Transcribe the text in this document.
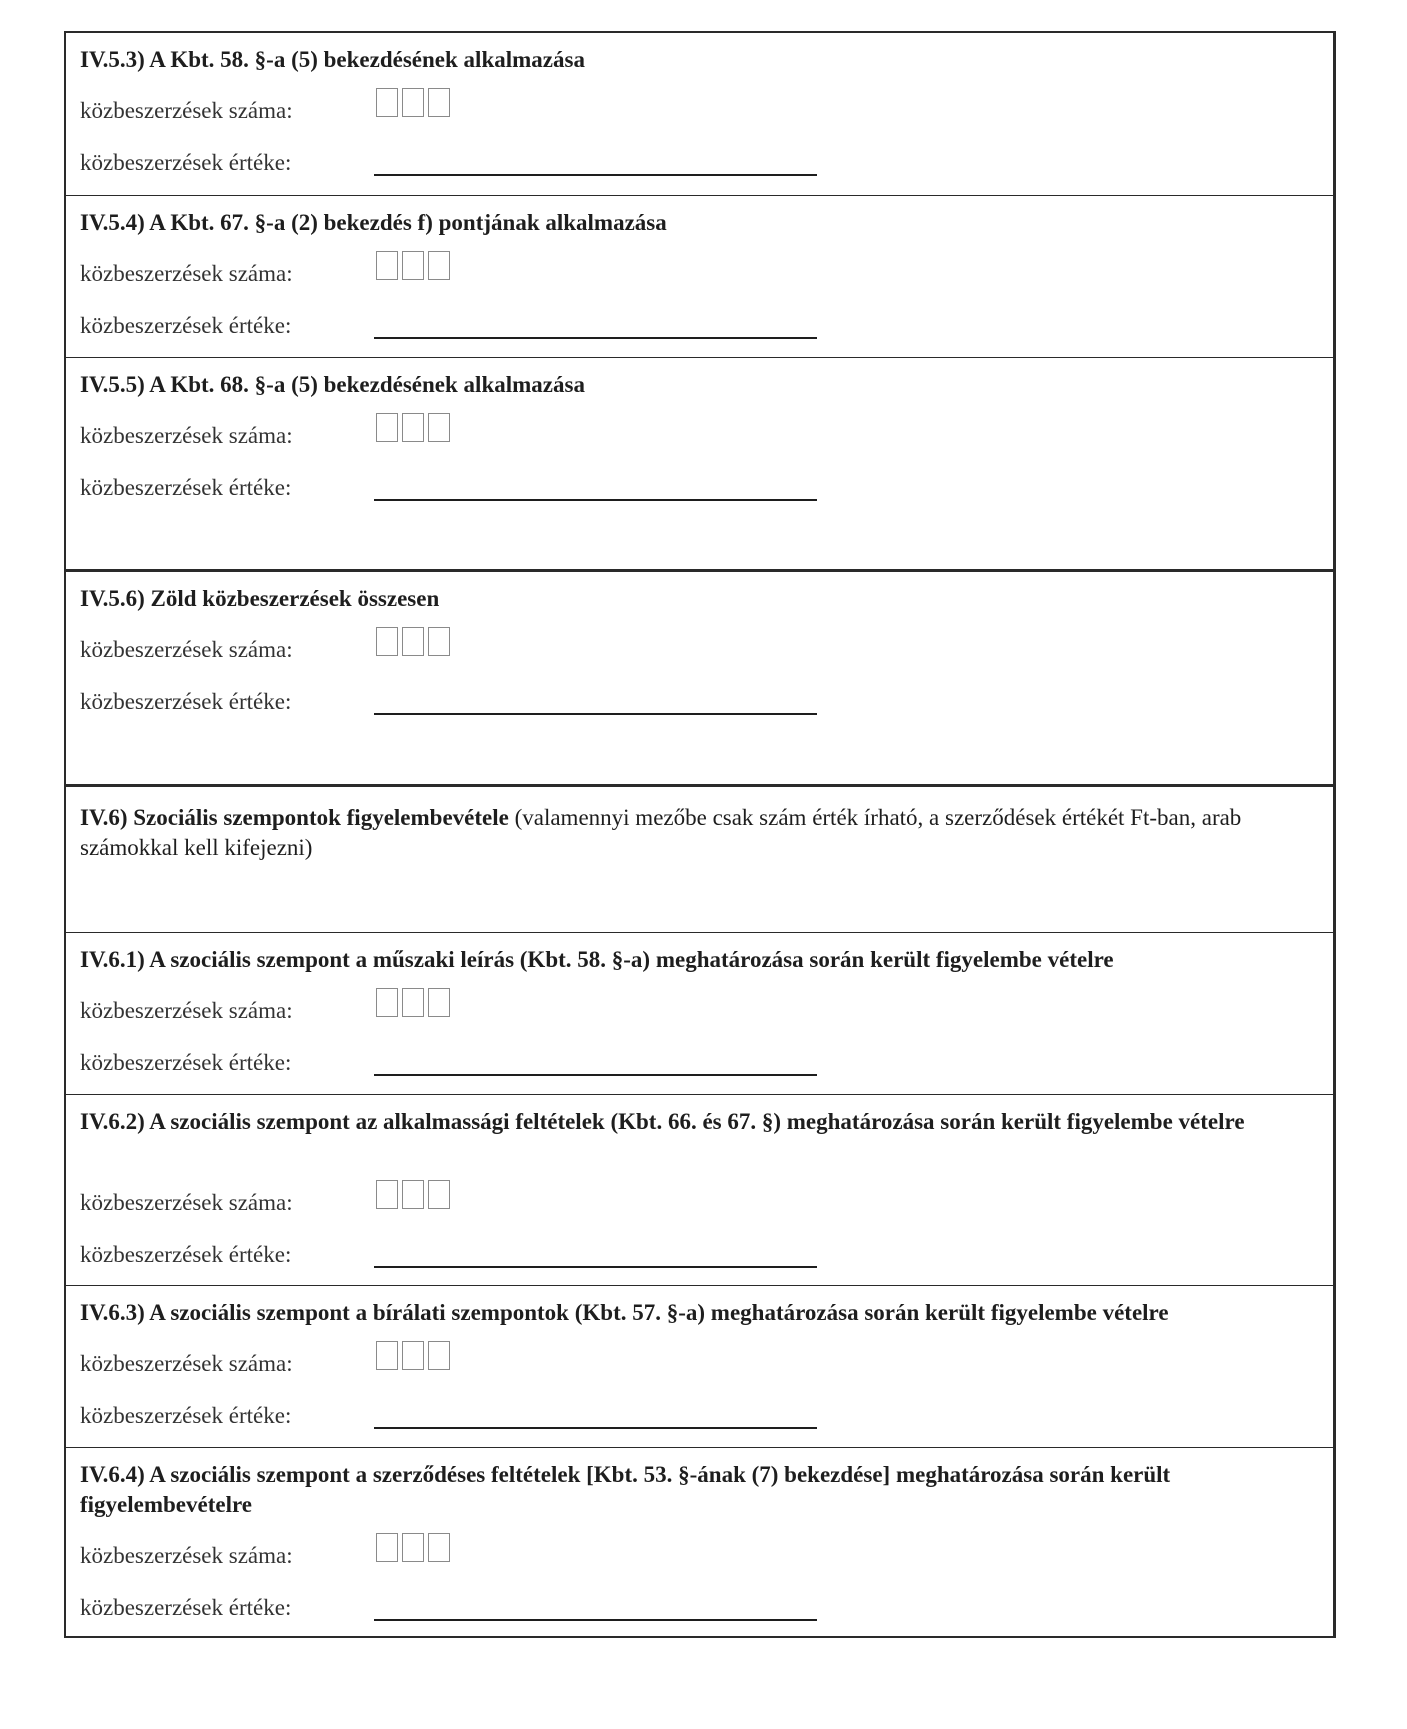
IV.5.3) A Kbt. 58. §-a (5) bekezdésének alkalmazása
közbeszerzések száma:
közbeszerzések értéke:
IV.5.4) A Kbt. 67. §-a (2) bekezdés f) pontjának alkalmazása
közbeszerzések száma:
közbeszerzések értéke:
IV.5.5) A Kbt. 68. §-a (5) bekezdésének alkalmazása
közbeszerzések száma:
közbeszerzések értéke:
IV.5.6) Zöld közbeszerzések összesen
közbeszerzések száma:
közbeszerzések értéke:
IV.6) Szociális szempontok figyelembevétele (valamennyi mezőbe csak szám érték írható, a szerződések értékét Ft-ban, arab számokkal kell kifejezni)
IV.6.1) A szociális szempont a műszaki leírás (Kbt. 58. §-a) meghatározása során került figyelembe vételre
közbeszerzések száma:
közbeszerzések értéke:
IV.6.2) A szociális szempont az alkalmassági feltételek (Kbt. 66. és 67. §) meghatározása során került figyelembe vételre
közbeszerzések száma:
közbeszerzések értéke:
IV.6.3) A szociális szempont a bírálati szempontok (Kbt. 57. §-a) meghatározása során került figyelembe vételre
közbeszerzések száma:
közbeszerzések értéke:
IV.6.4) A szociális szempont a szerződéses feltételek [Kbt. 53. §-ának (7) bekezdése] meghatározása során került figyelembevételre
közbeszerzések száma:
közbeszerzések értéke:
